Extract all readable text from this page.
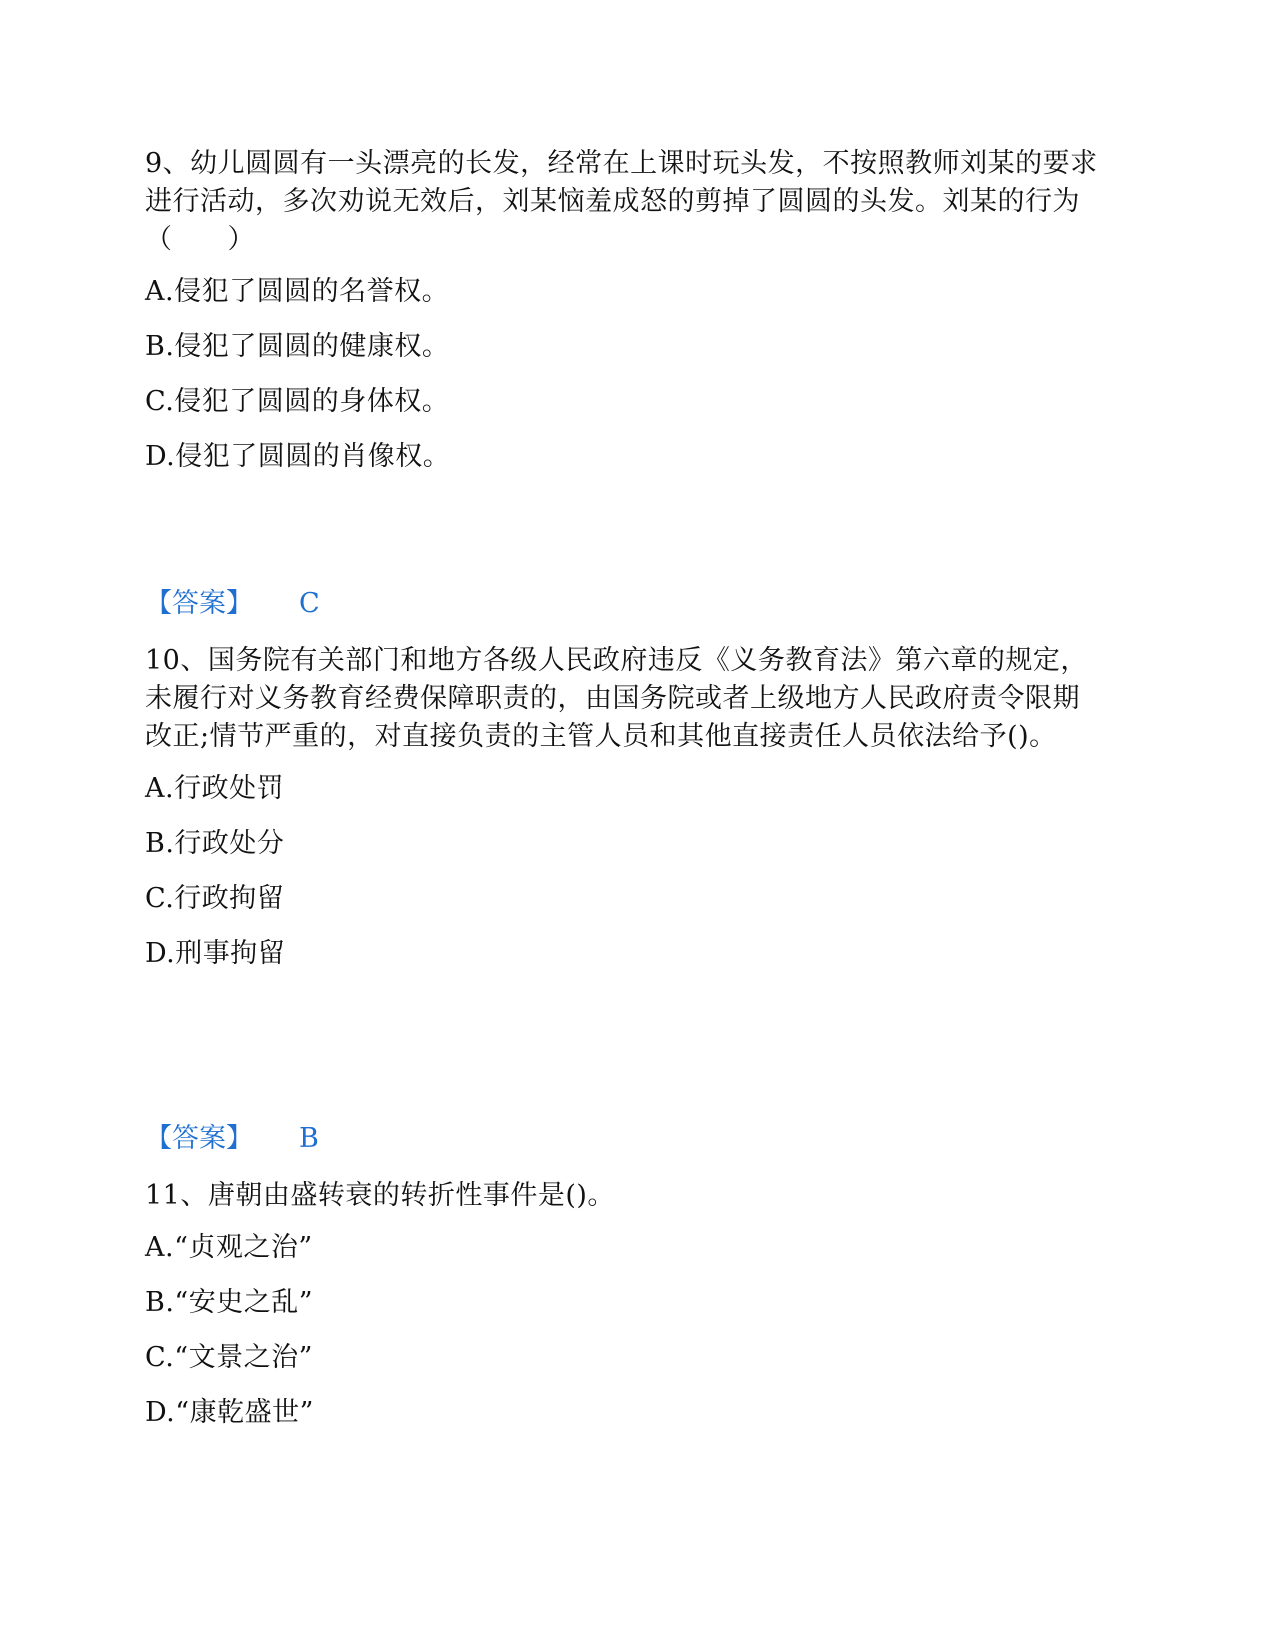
9、幼儿圆圆有一头漂亮的长发，经常在上课时玩头发，不按照教师刘某的要求进行活动，多次劝说无效后，刘某恼羞成怒的剪掉了圆圆的头发。刘某的行为（　　）

A.侵犯了圆圆的名誉权。

B.侵犯了圆圆的健康权。

C.侵犯了圆圆的身体权。

D.侵犯了圆圆的肖像权。

【答案】 C

10、国务院有关部门和地方各级人民政府违反《义务教育法》第六章的规定，未履行对义务教育经费保障职责的，由国务院或者上级地方人民政府责令限期改正;情节严重的，对直接负责的主管人员和其他直接责任人员依法给予()。

A.行政处罚

B.行政处分

C.行政拘留

D.刑事拘留

【答案】 B

11、唐朝由盛转衰的转折性事件是()。

A.“贞观之治”

B.“安史之乱”

C.“文景之治”

D.“康乾盛世”
